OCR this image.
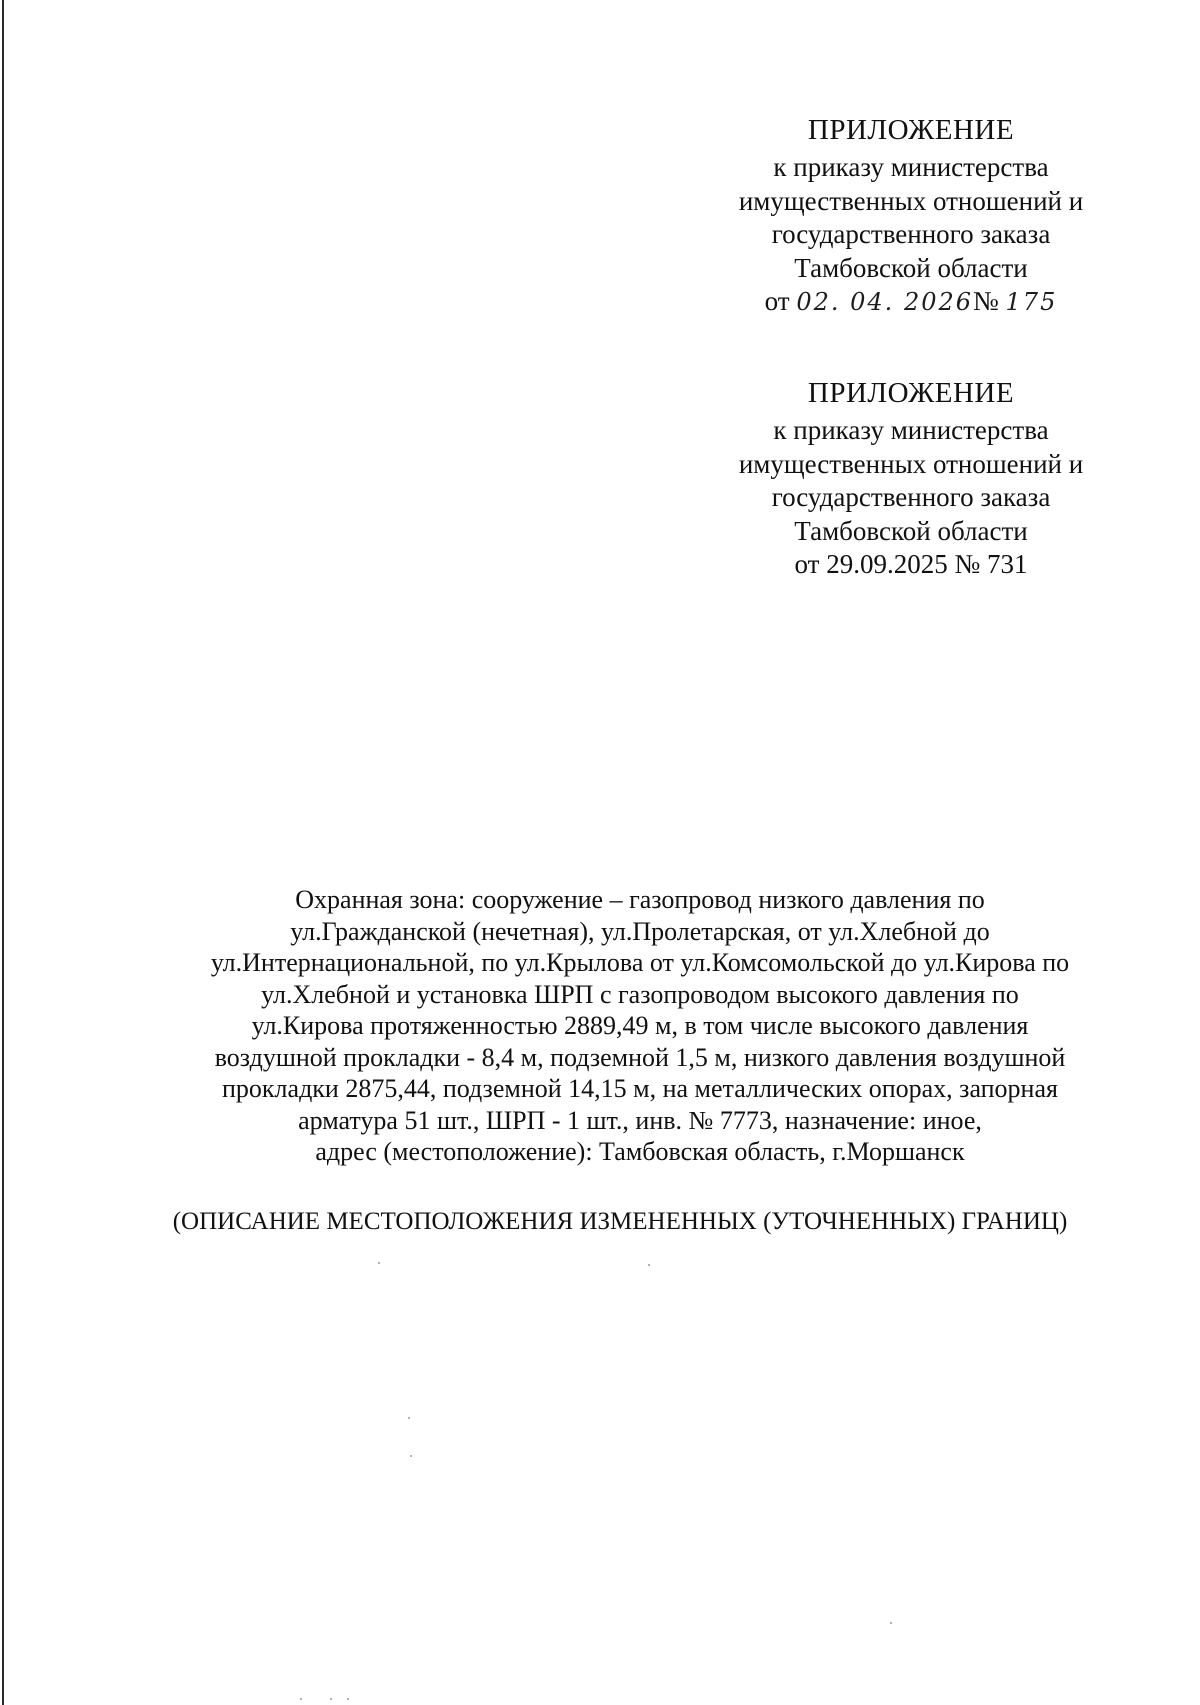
ПРИЛОЖЕНИЕ
к приказу министерства
имущественных отношений и
государственного заказа
Тамбовской области
от 02. 04. 2026№ 175
ПРИЛОЖЕНИЕ
к приказу министерства
имущественных отношений и
государственного заказа
Тамбовской области
от 29.09.2025 № 731
Охранная зона: сооружение – газопровод низкого давления по
ул.Гражданской (нечетная), ул.Пролетарская, от ул.Хлебной до
ул.Интернациональной, по ул.Крылова от ул.Комсомольской до ул.Кирова по
ул.Хлебной и установка ШРП с газопроводом высокого давления по
ул.Кирова протяженностью 2889,49 м, в том числе высокого давления
воздушной прокладки - 8,4 м, подземной 1,5 м, низкого давления воздушной
прокладки 2875,44, подземной 14,15 м, на металлических опорах, запорная
арматура 51 шт., ШРП - 1 шт., инв. № 7773, назначение: иное,
адрес (местоположение): Тамбовская область, г.Моршанск
(ОПИСАНИЕ МЕСТОПОЛОЖЕНИЯ ИЗМЕНЕННЫХ (УТОЧНЕННЫХ) ГРАНИЦ)
